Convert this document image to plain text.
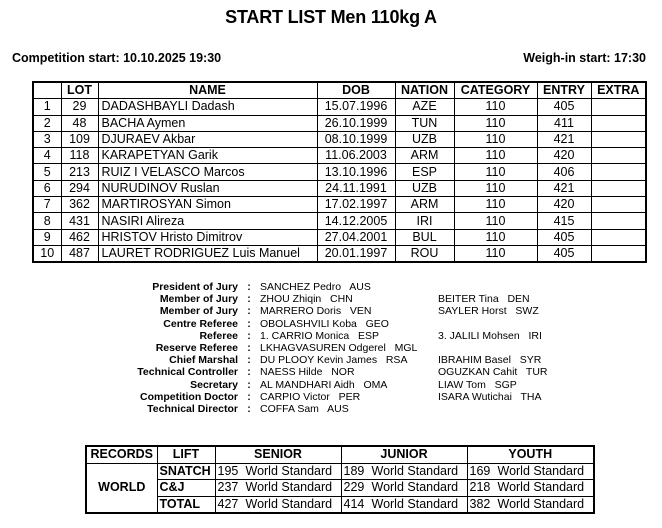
START LIST Men 110kg A
Competition start: 10.10.2025 19:30	Weigh-in start: 17:30
	LOT	NAME	DOB	NATION	CATEGORY	ENTRY	EXTRA
1	29	DADASHBAYLI Dadash	15.07.1996	AZE	110	405	
2	48	BACHA Aymen	26.10.1999	TUN	110	411	
3	109	DJURAEV Akbar	08.10.1999	UZB	110	421	
4	118	KARAPETYAN Garik	11.06.2003	ARM	110	420	
5	213	RUIZ I VELASCO Marcos	13.10.1996	ESP	110	406	
6	294	NURUDINOV Ruslan	24.11.1991	UZB	110	421	
7	362	MARTIROSYAN Simon	17.02.1997	ARM	110	420	
8	431	NASIRI Alireza	14.12.2005	IRI	110	415	
9	462	HRISTOV Hristo Dimitrov	27.04.2001	BUL	110	405	
10	487	LAURET RODRIGUEZ Luis Manuel	20.01.1997	ROU	110	405	
President of Jury : SANCHEZ Pedro   AUS
Member of Jury : ZHOU Zhiqin   CHN	BEITER Tina   DEN
Member of Jury : MARRERO Doris   VEN	SAYLER Horst   SWZ
Centre Referee : OBOLASHVILI Koba   GEO
Referee : 1. CARRIO Monica   ESP	3. JALILI Mohsen   IRI
Reserve Referee : LKHAGVASUREN Odgerel   MGL
Chief Marshal : DU PLOOY Kevin James   RSA	IBRAHIM Basel   SYR
Technical Controller : NAESS Hilde   NOR	OGUZKAN Cahit   TUR
Secretary : AL MANDHARI Aidh   OMA	LIAW Tom   SGP
Competition Doctor : CARPIO Victor   PER	ISARA Wutichai   THA
Technical Director : COFFA Sam   AUS
RECORDS	LIFT	SENIOR	JUNIOR	YOUTH
WORLD	SNATCH	195 World Standard	189 World Standard	169 World Standard
	C&J	237 World Standard	229 World Standard	218 World Standard
	TOTAL	427 World Standard	414 World Standard	382 World Standard
